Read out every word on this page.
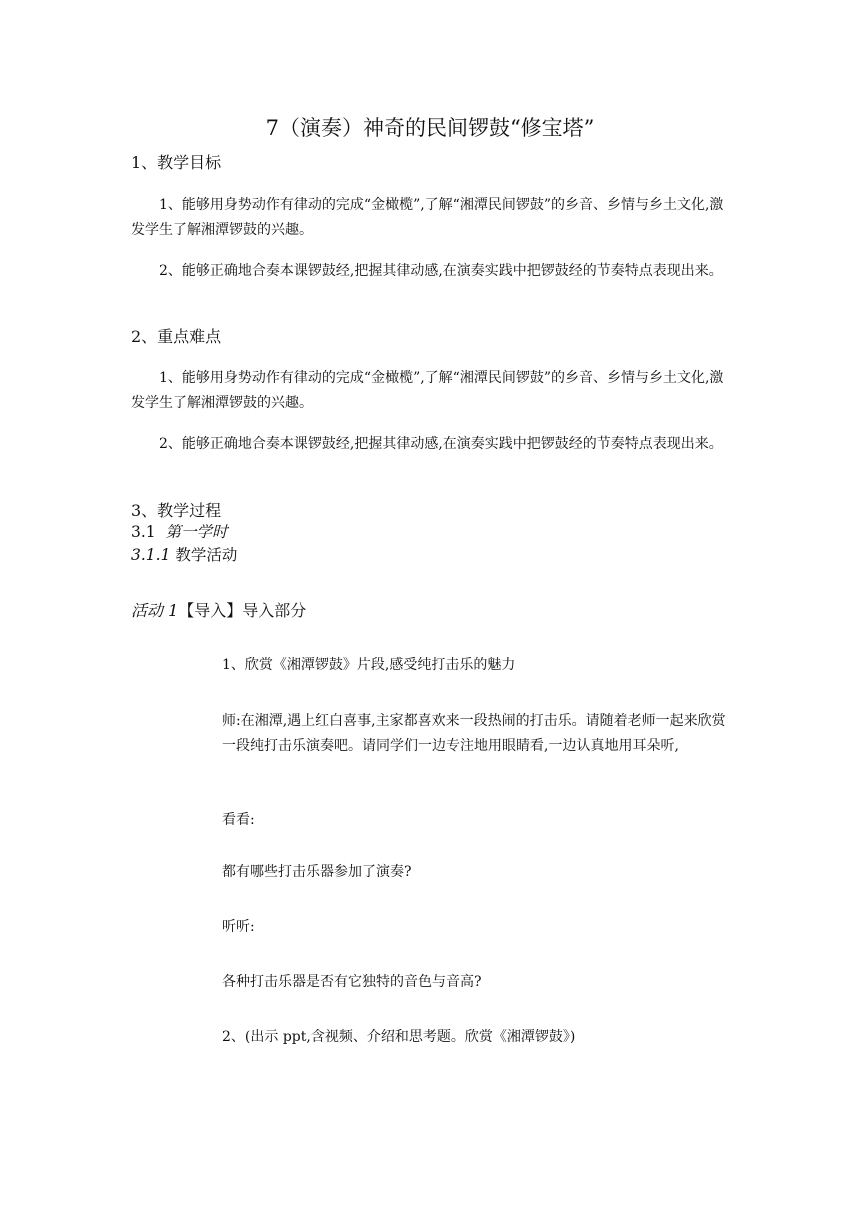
7（演奏）神奇的民间锣鼓“修宝塔”
1、教学目标
1、能够用身势动作有律动的完成“金橄榄”,了解“湘潭民间锣鼓”的乡音、乡情与乡土文化,激发学生了解湘潭锣鼓的兴趣。
2、能够正确地合奏本课锣鼓经,把握其律动感,在演奏实践中把锣鼓经的节奏特点表现出来。
2、重点难点
1、能够用身势动作有律动的完成“金橄榄”,了解“湘潭民间锣鼓”的乡音、乡情与乡土文化,激发学生了解湘潭锣鼓的兴趣。
2、能够正确地合奏本课锣鼓经,把握其律动感,在演奏实践中把锣鼓经的节奏特点表现出来。
3、教学过程
3.1 第一学时
3.1.1 教学活动
活动 1【导入】导入部分
1、欣赏《湘潭锣鼓》片段,感受纯打击乐的魅力
师:在湘潭,遇上红白喜事,主家都喜欢来一段热闹的打击乐。请随着老师一起来欣赏一段纯打击乐演奏吧。请同学们一边专注地用眼睛看,一边认真地用耳朵听,
看看:
都有哪些打击乐器参加了演奏?
听听:
各种打击乐器是否有它独特的音色与音高?
2、(出示 ppt,含视频、介绍和思考题。欣赏《湘潭锣鼓》)
